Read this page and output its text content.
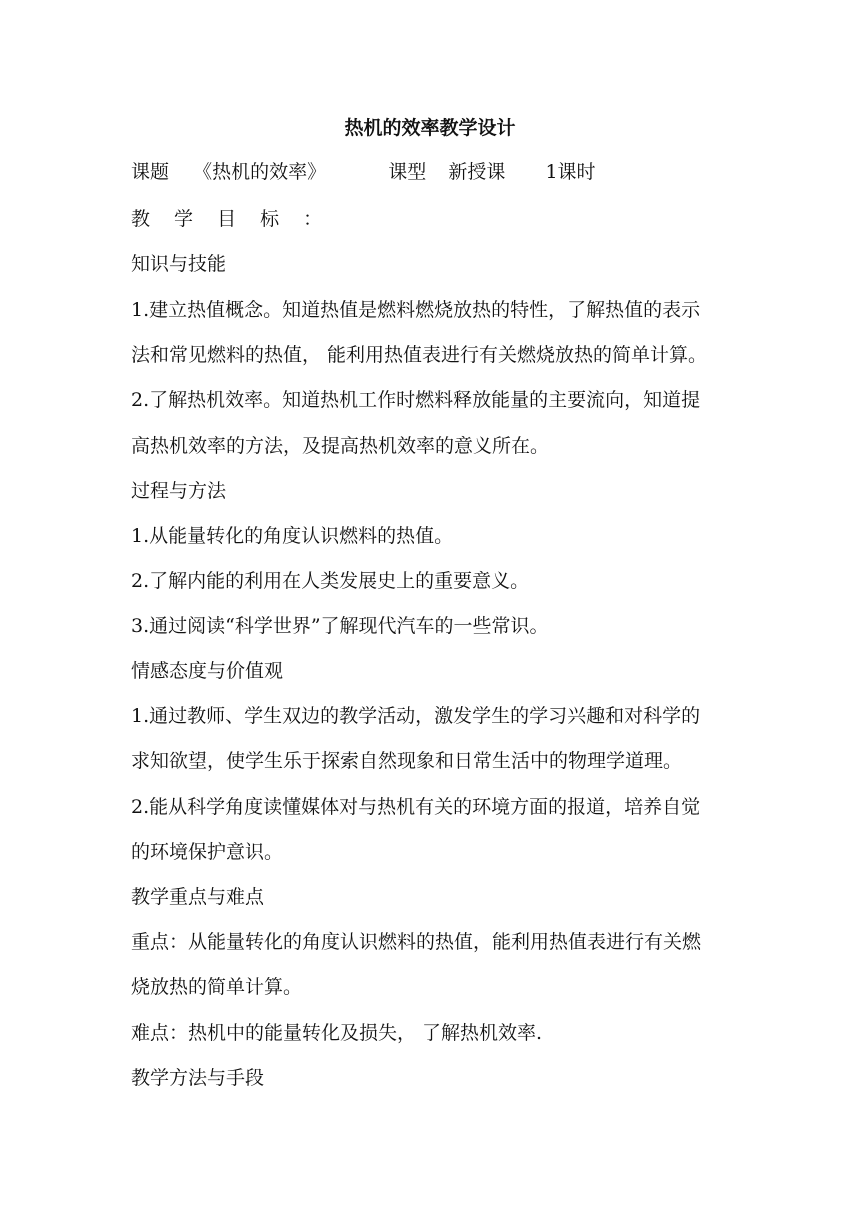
热机的效率教学设计
课题 《热机的效率》	课型 新授课 1课时
教 学 目 标 ：
知识与技能
1.建立热值概念。知道热值是燃料燃烧放热的特性，了解热值的表示
法和常见燃料的热值， 能利用热值表进行有关燃烧放热的简单计算。
2.了解热机效率。知道热机工作时燃料释放能量的主要流向，知道提
高热机效率的方法，及提高热机效率的意义所在。
过程与方法
1.从能量转化的角度认识燃料的热值。
2.了解内能的利用在人类发展史上的重要意义。
3.通过阅读“科学世界”了解现代汽车的一些常识。
情感态度与价值观
1.通过教师、学生双边的教学活动，激发学生的学习兴趣和对科学的
求知欲望，使学生乐于探索自然现象和日常生活中的物理学道理。
2.能从科学角度读懂媒体对与热机有关的环境方面的报道，培养自觉
的环境保护意识。
教学重点与难点
重点：从能量转化的角度认识燃料的热值，能利用热值表进行有关燃
烧放热的简单计算。
难点：热机中的能量转化及损失， 了解热机效率.
教学方法与手段
